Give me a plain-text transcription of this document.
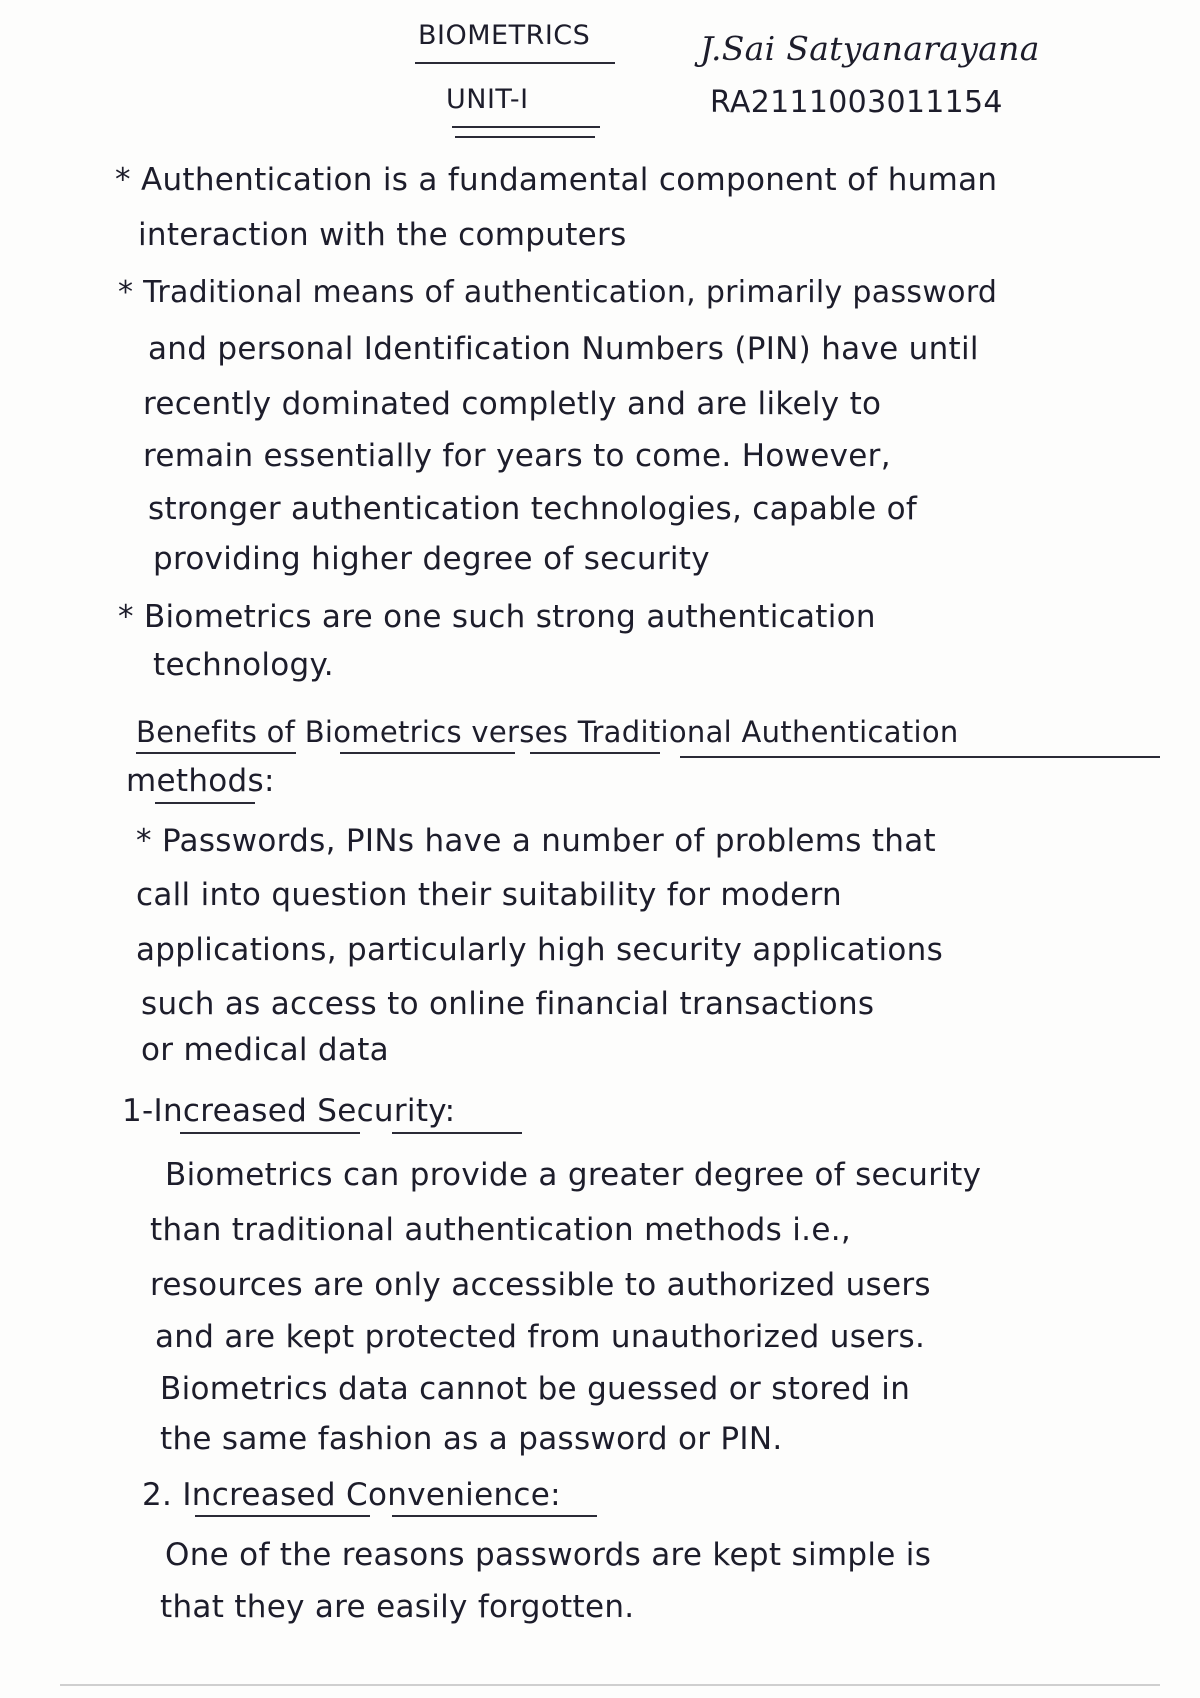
BIOMETRICS
UNIT-I
J.Sai Satyanarayana
RA2111003011154
* Authentication is a fundamental component of human
interaction with the computers
* Traditional means of authentication, primarily password
and personal Identification Numbers (PIN) have until
recently dominated completly and are likely to
remain essentially for years to come. However,
stronger authentication technologies, capable of
providing higher degree of security
* Biometrics are one such strong authentication
technology.
Benefits of Biometrics verses Traditional Authentication
methods:
* Passwords, PINs have a number of problems that
call into question their suitability for modern
applications, particularly high security applications
such as access to online financial transactions
or medical data
1-Increased Security:
Biometrics can provide a greater degree of security
than traditional authentication methods i.e.,
resources are only accessible to authorized users
and are kept protected from unauthorized users.
Biometrics data cannot be guessed or stored in
the same fashion as a password or PIN.
2. Increased Convenience:
One of the reasons passwords are kept simple is
that they are easily forgotten.
